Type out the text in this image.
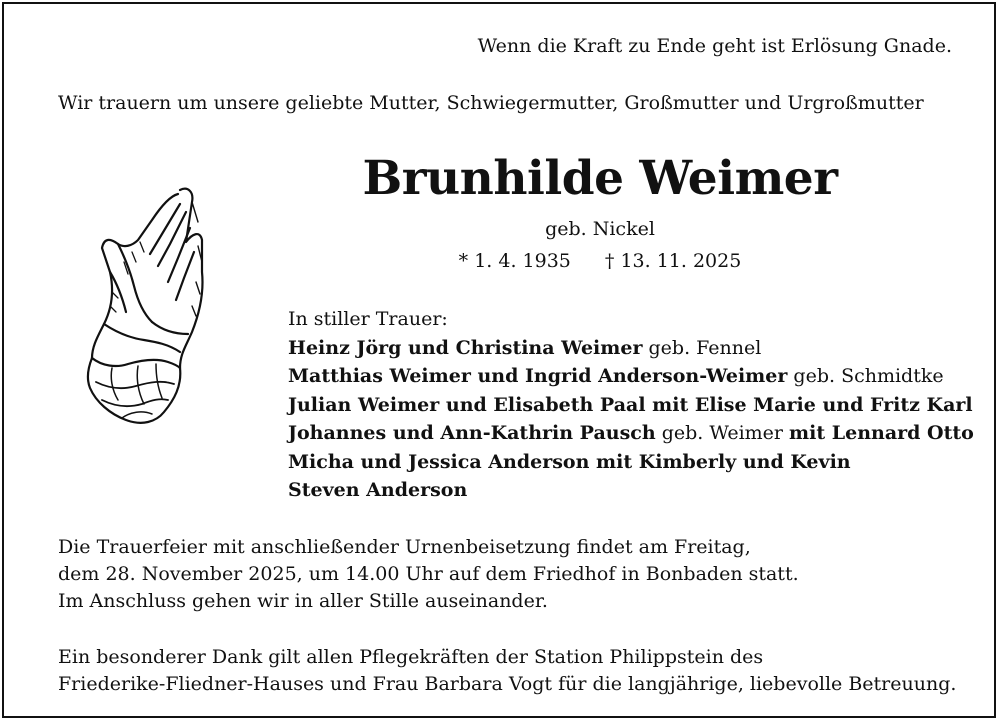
Wenn die Kraft zu Ende geht ist Erlösung Gnade.
Wir trauern um unsere geliebte Mutter, Schwiegermutter, Großmutter und Urgroßmutter
Brunhilde Weimer
geb. Nickel
* 1. 4. 1935 † 13. 11. 2025
In stiller Trauer:
Heinz Jörg und Christina Weimer geb. Fennel
Matthias Weimer und Ingrid Anderson-Weimer geb. Schmidtke
Julian Weimer und Elisabeth Paal mit Elise Marie und Fritz Karl
Johannes und Ann-Kathrin Pausch geb. Weimer mit Lennard Otto
Micha und Jessica Anderson mit Kimberly und Kevin
Steven Anderson
Die Trauerfeier mit anschließender Urnenbeisetzung findet am Freitag,
dem 28. November 2025, um 14.00 Uhr auf dem Friedhof in Bonbaden statt.
Im Anschluss gehen wir in aller Stille auseinander.
Ein besonderer Dank gilt allen Pflegekräften der Station Philippstein des
Friederike-Fliedner-Hauses und Frau Barbara Vogt für die langjährige, liebevolle Betreuung.
